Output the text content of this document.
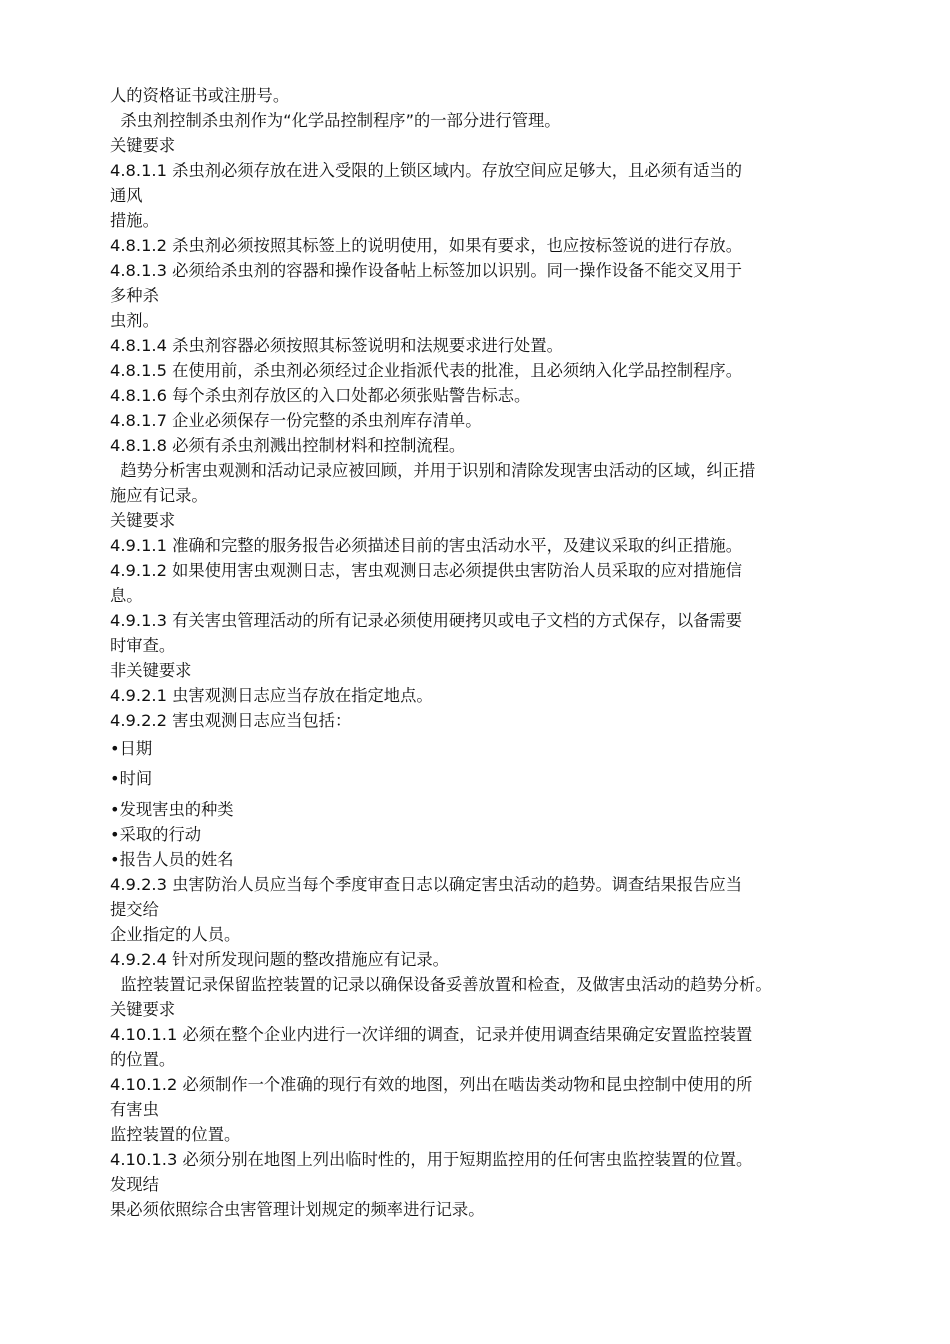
人的资格证书或注册号。

杀虫剂控制杀虫剂作为“化学品控制程序”的一部分进行管理。

关键要求

4.8.1.1 杀虫剂必须存放在进入受限的上锁区域内。存放空间应足够大，且必须有适当的

通风

措施。

4.8.1.2 杀虫剂必须按照其标签上的说明使用，如果有要求，也应按标签说的进行存放。

4.8.1.3 必须给杀虫剂的容器和操作设备帖上标签加以识别。同一操作设备不能交叉用于

多种杀

虫剂。

4.8.1.4 杀虫剂容器必须按照其标签说明和法规要求进行处置。

4.8.1.5 在使用前，杀虫剂必须经过企业指派代表的批准，且必须纳入化学品控制程序。

4.8.1.6 每个杀虫剂存放区的入口处都必须张贴警告标志。

4.8.1.7 企业必须保存一份完整的杀虫剂库存清单。

4.8.1.8 必须有杀虫剂溅出控制材料和控制流程。

趋势分析害虫观测和活动记录应被回顾，并用于识别和清除发现害虫活动的区域，纠正措

施应有记录。

关键要求

4.9.1.1 准确和完整的服务报告必须描述目前的害虫活动水平，及建议采取的纠正措施。

4.9.1.2 如果使用害虫观测日志，害虫观测日志必须提供虫害防治人员采取的应对措施信

息。

4.9.1.3 有关害虫管理活动的所有记录必须使用硬拷贝或电子文档的方式保存，以备需要

时审查。

非关键要求

4.9.2.1 虫害观测日志应当存放在指定地点。

4.9.2.2 害虫观测日志应当包括：

•日期

•时间

•发现害虫的种类

•采取的行动

•报告人员的姓名

4.9.2.3 虫害防治人员应当每个季度审查日志以确定害虫活动的趋势。调查结果报告应当

提交给

企业指定的人员。

4.9.2.4 针对所发现问题的整改措施应有记录。

监控装置记录保留监控装置的记录以确保设备妥善放置和检查，及做害虫活动的趋势分析。

关键要求

4.10.1.1 必须在整个企业内进行一次详细的调查，记录并使用调查结果确定安置监控装置

的位置。

4.10.1.2 必须制作一个准确的现行有效的地图，列出在啮齿类动物和昆虫控制中使用的所

有害虫

监控装置的位置。

4.10.1.3 必须分别在地图上列出临时性的，用于短期监控用的任何害虫监控装置的位置。

发现结

果必须依照综合虫害管理计划规定的频率进行记录。
